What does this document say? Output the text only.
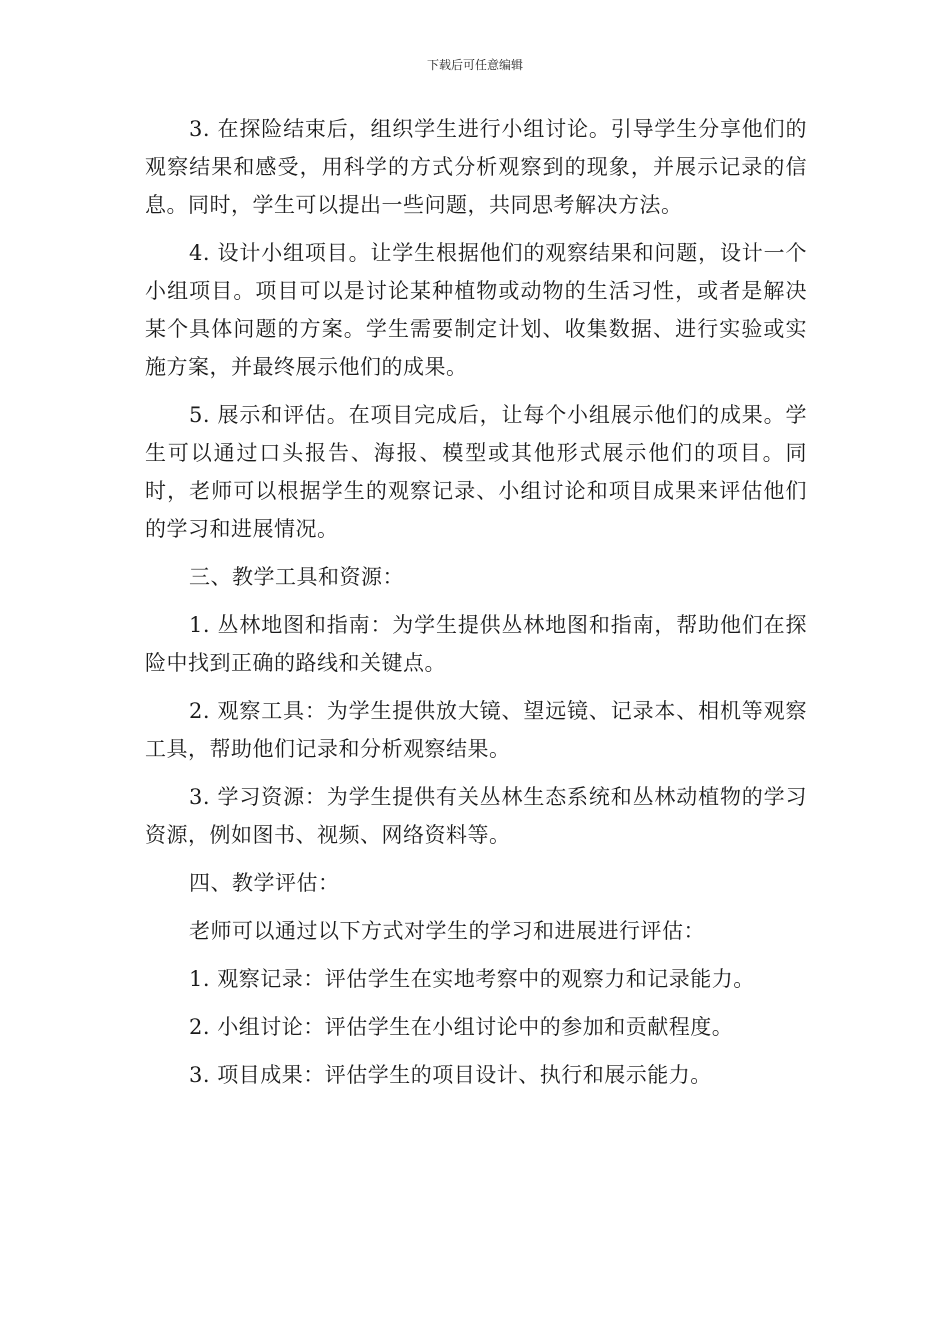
下载后可任意编辑

3. 在探险结束后，组织学生进行小组讨论。引导学生分享他们的观察结果和感受，用科学的方式分析观察到的现象，并展示记录的信息。同时，学生可以提出一些问题，共同思考解决方法。

4. 设计小组项目。让学生根据他们的观察结果和问题，设计一个小组项目。项目可以是讨论某种植物或动物的生活习性，或者是解决某个具体问题的方案。学生需要制定计划、收集数据、进行实验或实施方案，并最终展示他们的成果。

5. 展示和评估。在项目完成后，让每个小组展示他们的成果。学生可以通过口头报告、海报、模型或其他形式展示他们的项目。同时，老师可以根据学生的观察记录、小组讨论和项目成果来评估他们的学习和进展情况。

三、教学工具和资源：

1. 丛林地图和指南：为学生提供丛林地图和指南，帮助他们在探险中找到正确的路线和关键点。

2. 观察工具：为学生提供放大镜、望远镜、记录本、相机等观察工具，帮助他们记录和分析观察结果。

3. 学习资源：为学生提供有关丛林生态系统和丛林动植物的学习资源，例如图书、视频、网络资料等。

四、教学评估：

老师可以通过以下方式对学生的学习和进展进行评估：

1. 观察记录：评估学生在实地考察中的观察力和记录能力。

2. 小组讨论：评估学生在小组讨论中的参加和贡献程度。

3. 项目成果：评估学生的项目设计、执行和展示能力。
